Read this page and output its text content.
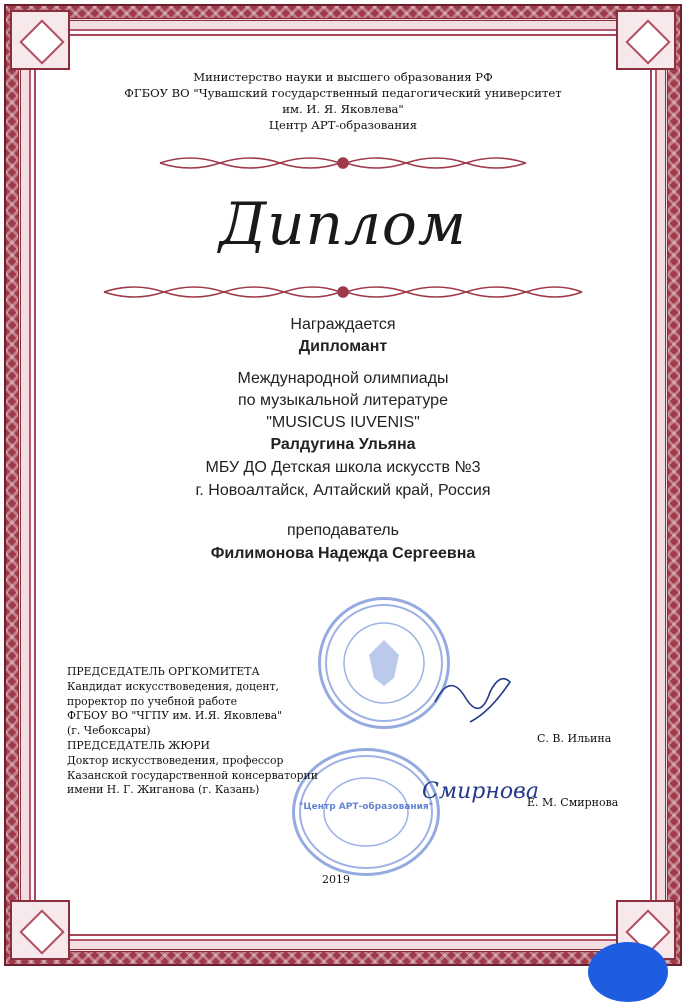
Министерство науки и высшего образования РФ
ФГБОУ ВО "Чувашский государственный педагогический университет
им. И. Я. Яковлева"
Центр АРТ-образования
Диплом
Награждается
Дипломант
Международной олимпиады
по музыкальной литературе
"MUSICUS IUVENIS"
Ралдугина Ульяна
МБУ ДО Детская школа искусств №3
г. Новоалтайск, Алтайский край, Россия
преподаватель
Филимонова Надежда Сергеевна
"Центр АРТ-образования"
Смирнова
ПРЕДСЕДАТЕЛЬ ОРГКОМИТЕТА
Кандидат искусствоведения, доцент,
проректор по учебной работе
ФГБОУ ВО "ЧГПУ им. И.Я. Яковлева"
(г. Чебоксары)
ПРЕДСЕДАТЕЛЬ ЖЮРИ
Доктор искусствоведения, профессор
Казанской государственной консерватории
имени Н. Г. Жиганова (г. Казань)
С. В. Ильина
Е. М. Смирнова
2019
